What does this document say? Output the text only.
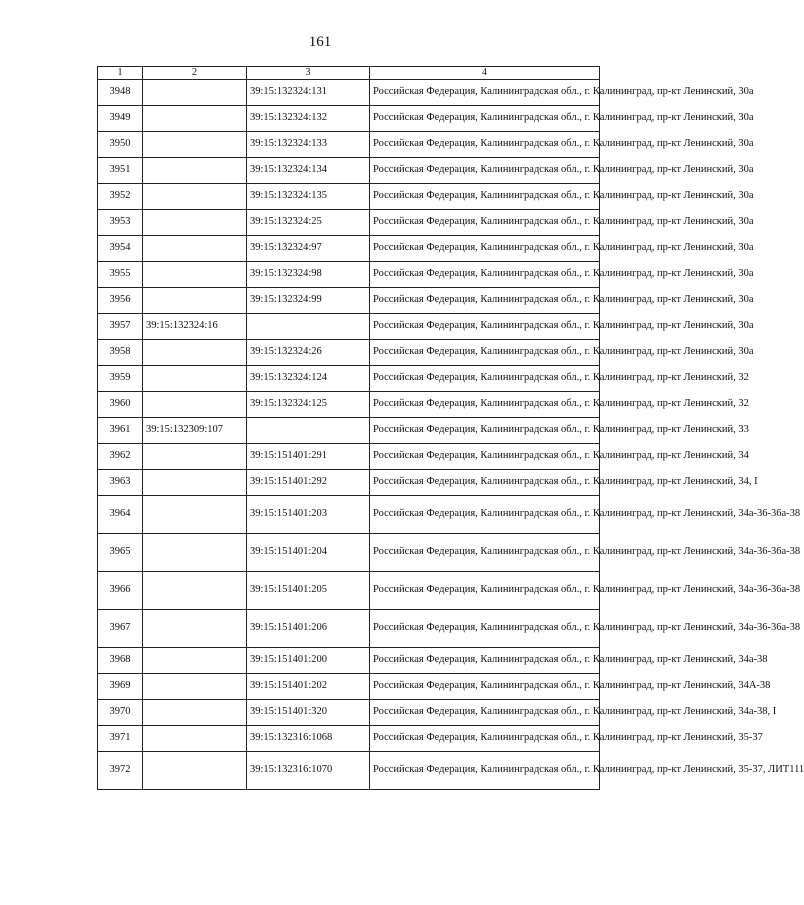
161
1	2	3	4
3948		39:15:132324:131	Российская Федерация, Калининградская обл., г. Калининград, пр-кт Ленинский, 30а
3949		39:15:132324:132	Российская Федерация, Калининградская обл., г. Калининград, пр-кт Ленинский, 30а
3950		39:15:132324:133	Российская Федерация, Калининградская обл., г. Калининград, пр-кт Ленинский, 30а
3951		39:15:132324:134	Российская Федерация, Калининградская обл., г. Калининград, пр-кт Ленинский, 30а
3952		39:15:132324:135	Российская Федерация, Калининградская обл., г. Калининград, пр-кт Ленинский, 30а
3953		39:15:132324:25	Российская Федерация, Калининградская обл., г. Калининград, пр-кт Ленинский, 30а
3954		39:15:132324:97	Российская Федерация, Калининградская обл., г. Калининград, пр-кт Ленинский, 30а
3955		39:15:132324:98	Российская Федерация, Калининградская обл., г. Калининград, пр-кт Ленинский, 30а
3956		39:15:132324:99	Российская Федерация, Калининградская обл., г. Калининград, пр-кт Ленинский, 30а
3957	39:15:132324:16		Российская Федерация, Калининградская обл., г. Калининград, пр-кт Ленинский, 30а
3958		39:15:132324:26	Российская Федерация, Калининградская обл., г. Калининград, пр-кт Ленинский, 30а
3959		39:15:132324:124	Российская Федерация, Калининградская обл., г. Калининград, пр-кт Ленинский, 32
3960		39:15:132324:125	Российская Федерация, Калининградская обл., г. Калининград, пр-кт Ленинский, 32
3961	39:15:132309:107		Российская Федерация, Калининградская обл., г. Калининград, пр-кт Ленинский, 33
3962		39:15:151401:291	Российская Федерация, Калининградская обл., г. Калининград, пр-кт Ленинский, 34
3963		39:15:151401:292	Российская Федерация, Калининградская обл., г. Калининград, пр-кт Ленинский, 34, I
3964		39:15:151401:203	Российская Федерация, Калининградская обл., г. Калининград, пр-кт Ленинский, 34а-36-36а-38
3965		39:15:151401:204	Российская Федерация, Калининградская обл., г. Калининград, пр-кт Ленинский, 34а-36-36а-38
3966		39:15:151401:205	Российская Федерация, Калининградская обл., г. Калининград, пр-кт Ленинский, 34а-36-36а-38
3967		39:15:151401:206	Российская Федерация, Калининградская обл., г. Калининград, пр-кт Ленинский, 34а-36-36а-38
3968		39:15:151401:200	Российская Федерация, Калининградская обл., г. Калининград, пр-кт Ленинский, 34а-38
3969		39:15:151401:202	Российская Федерация, Калининградская обл., г. Калининград, пр-кт Ленинский, 34А-38
3970		39:15:151401:320	Российская Федерация, Калининградская обл., г. Калининград, пр-кт Ленинский, 34а-38, I
3971		39:15:132316:1068	Российская Федерация, Калининградская обл., г. Калининград, пр-кт Ленинский, 35-37
3972		39:15:132316:1070	Российская Федерация, Калининградская обл., г. Калининград, пр-кт Ленинский, 35-37, ЛИТ111
